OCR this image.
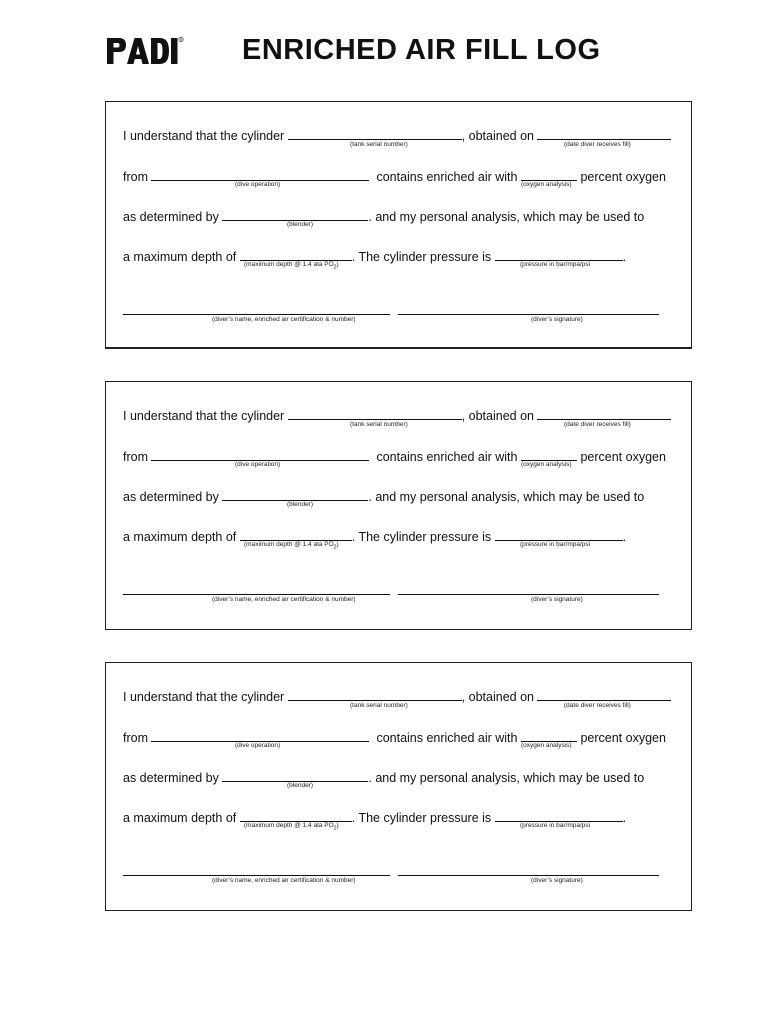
R ENRICHED AIR FILL LOG
I understand that the cylinder	, obtained on
(tank serial number)	(date diver receives fill)
from	contains enriched air with	percent oxygen
(dive operation)	(oxygen analysis)
as determined by	. and my personal analysis, which may be used to
(blender)
a maximum depth of	. The cylinder pressure is	.
(maximum depth @ 1.4 ata $PO_2$)	(pressure in bar/mpa/psi
(diver’s name, enriched air certification & number)	(diver’s signature)
I understand that the cylinder	, obtained on
(tank serial number)	(date diver receives fill)
from	contains enriched air with	percent oxygen
(dive operation)	(oxygen analysis)
as determined by	. and my personal analysis, which may be used to
(blender)
a maximum depth of	. The cylinder pressure is	.
(maximum depth @ 1.4 ata $PO_2$)	(pressure in bar/mpa/psi
(diver’s name, enriched air certification & number)	(diver’s signature)
I understand that the cylinder	, obtained on
(tank serial number)	(date diver receives fill)
from	contains enriched air with	percent oxygen
(dive operation)	(oxygen analysis)
as determined by	. and my personal analysis, which may be used to
(blender)
a maximum depth of	. The cylinder pressure is	.
(maximum depth @ 1.4 ata $PO_2$)	(pressure in bar/mpa/psi
(diver’s name, enriched air certification & number)	(diver’s signature)
